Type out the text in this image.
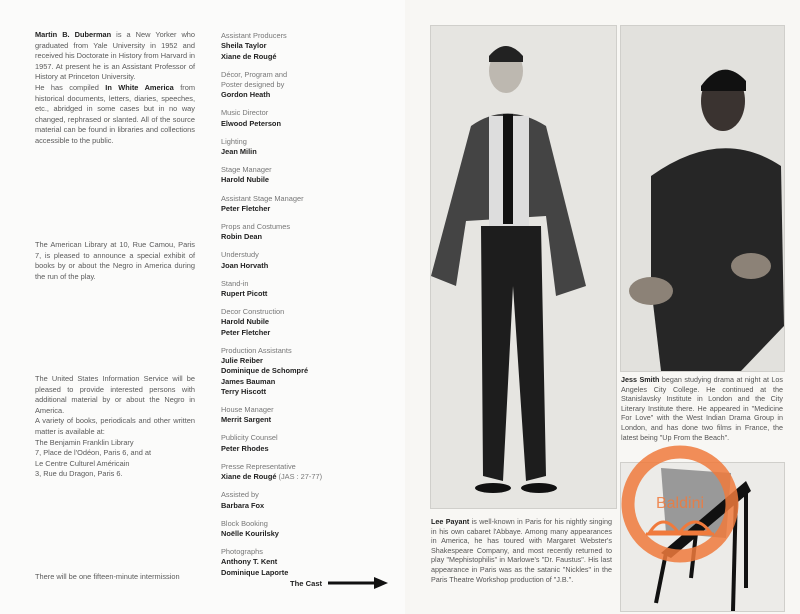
Martin B. Duberman is a New Yorker who graduated from Yale University in 1952 and received his Doctorate in History from Harvard in 1957. At present he is an Assistant Professor of History at Princeton University.
He has compiled In White America from historical documents, letters, diaries, speeches, etc., abridged in some cases but in no way changed, rephrased or slanted. All of the source material can be found in libraries and collections accessible to the public.

The American Library at 10, Rue Camou, Paris 7, is pleased to announce a special exhibit of books by or about the Negro in America during the run of the play.

The United States Information Service will be pleased to provide interested persons with additional material by or about the Negro in America.
A variety of books, periodicals and other written matter is available at:
The Benjamin Franklin Library
7, Place de l'Odéon, Paris 6, and at
Le Centre Culturel Américain
3, Rue du Dragon, Paris 6.

There will be one fifteen-minute intermission

Assistant Producers
Sheila Taylor
Xiane de Rougé
Décor, Program and Poster designed by
Gordon Heath
Music Director
Elwood Peterson
Lighting
Jean Milin
Stage Manager
Harold Nubile
Assistant Stage Manager
Peter Fletcher
Props and Costumes
Robin Dean
Understudy
Joan Horvath
Stand-in
Rupert Picott
Decor Construction
Harold Nubile
Peter Fletcher
Production Assistants
Julie Reiber
Dominique de Schompré
James Bauman
Terry Hiscott
House Manager
Merrit Sargent
Publicity Counsel
Peter Rhodes
Presse Representative
Xiane de Rougé (JAS : 27-77)
Assisted by
Barbara Fox
Block Booking
Noëlle Kourilsky
Photographs
Anthony T. Kent
Dominique Laporte
The Cast
Lee Payant is well-known in Paris for his nightly singing in his own cabaret l'Abbaye. Among many appearances in America, he has toured with Margaret Webster's Shakespeare Company, and most recently returned to play "Mephistophilis" in Marlowe's "Dr. Faustus". His last appearance in Paris was as the satanic "Nickles" in the Paris Theatre Workshop production of "J.B.".
Jess Smith began studying drama at night at Los Angeles City College. He continued at the Stanislavsky Institute in London and the City Literary Institute there. He appeared in "Medicine For Love" with the West Indian Drama Group in London, and has done two films in France, the latest being "Up From the Beach".
Baldini
